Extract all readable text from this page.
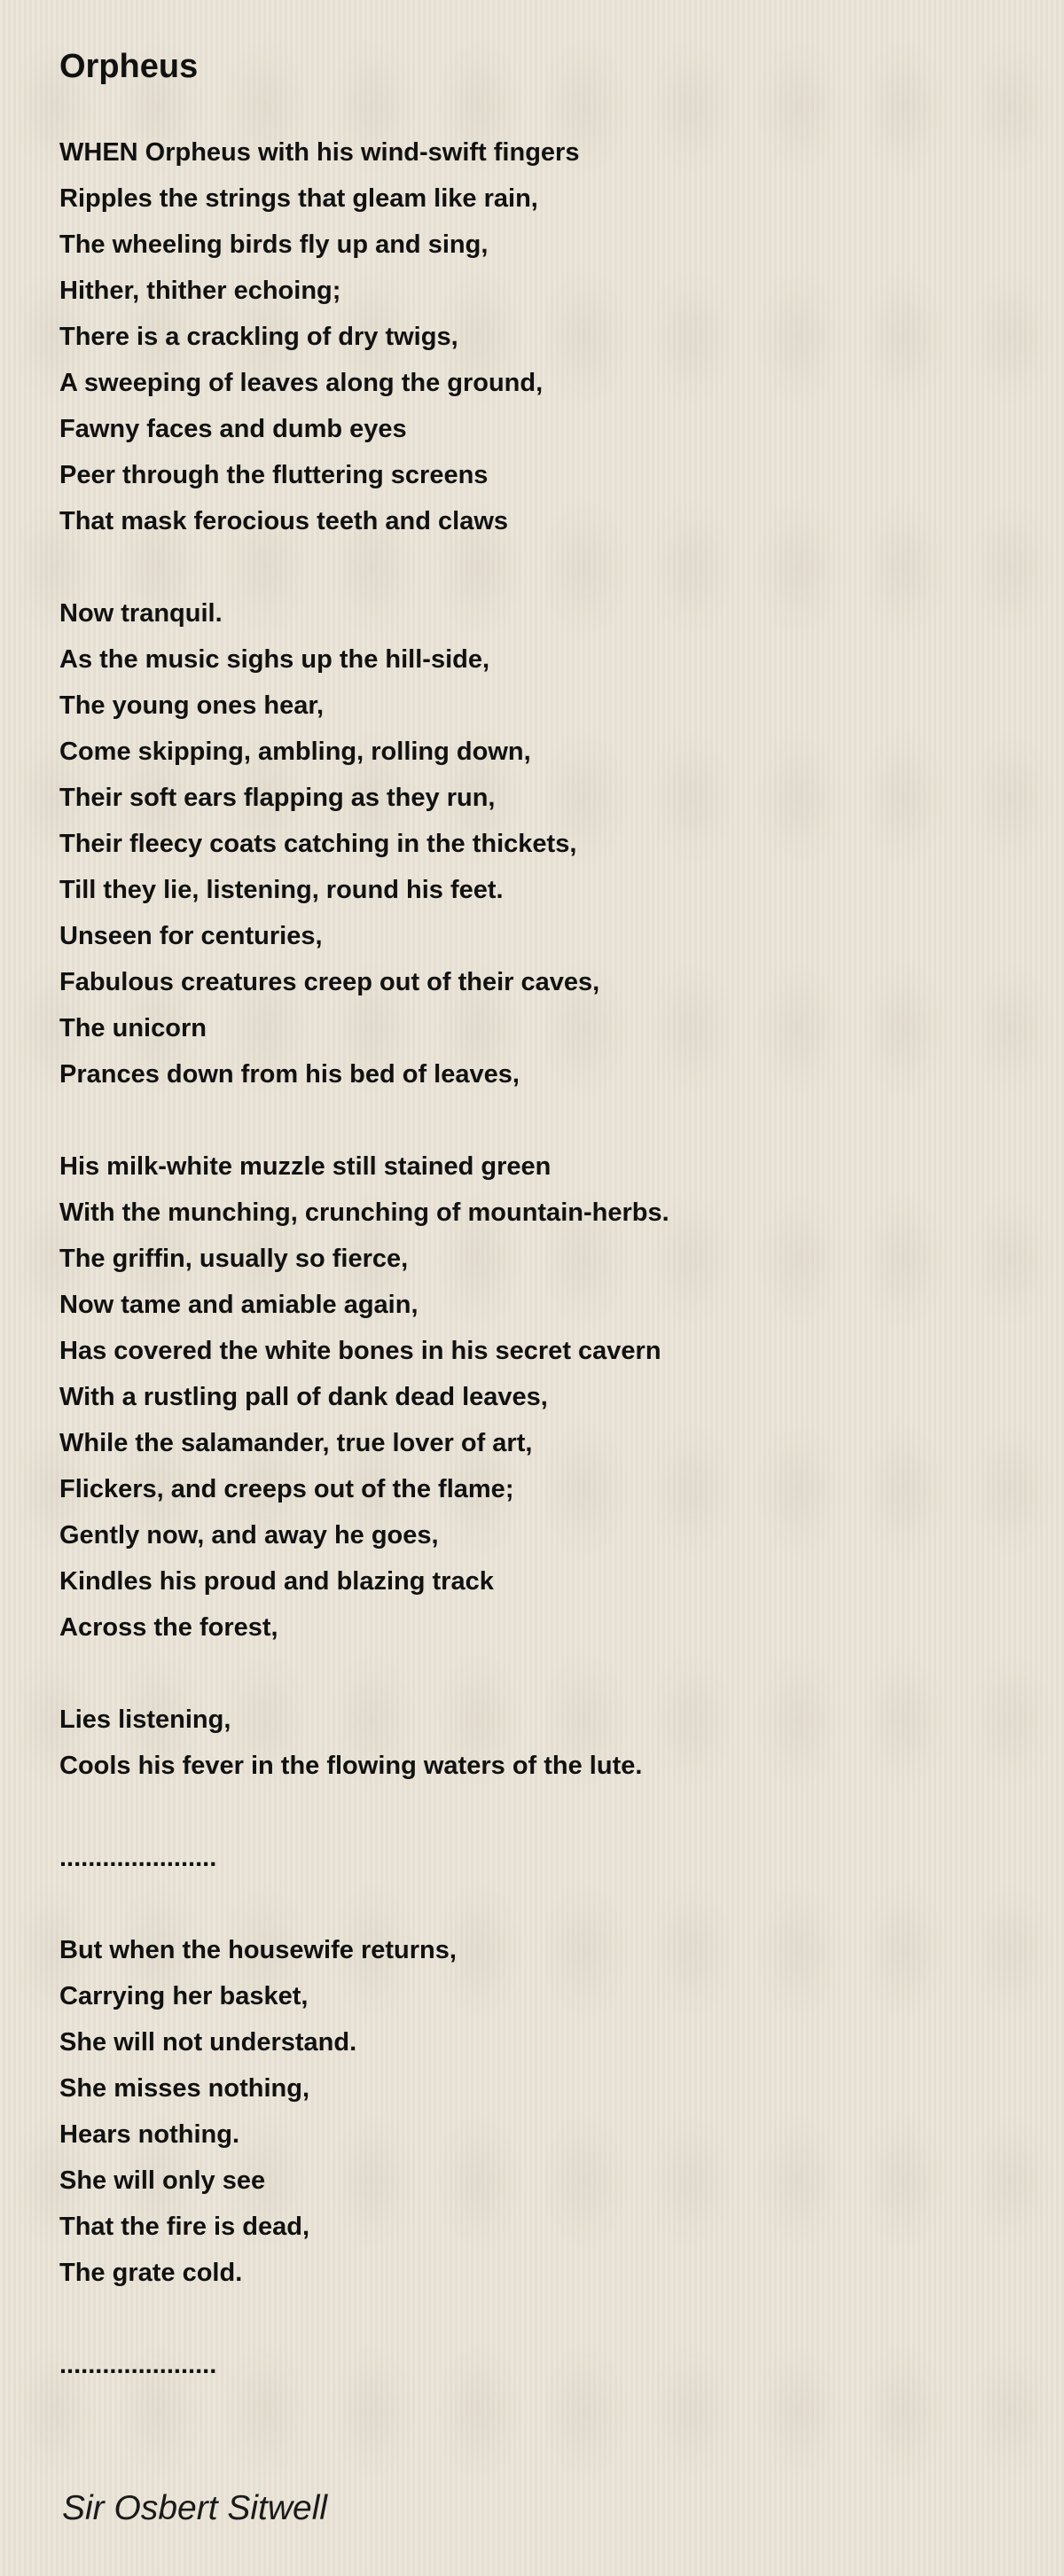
Orpheus
WHEN Orpheus with his wind-swift fingers
Ripples the strings that gleam like rain,
The wheeling birds fly up and sing,
Hither, thither echoing;
There is a crackling of dry twigs,
A sweeping of leaves along the ground,
Fawny faces and dumb eyes
Peer through the fluttering screens
That mask ferocious teeth and claws
Now tranquil.
As the music sighs up the hill-side,
The young ones hear,
Come skipping, ambling, rolling down,
Their soft ears flapping as they run,
Their fleecy coats catching in the thickets,
Till they lie, listening, round his feet.
Unseen for centuries,
Fabulous creatures creep out of their caves,
The unicorn
Prances down from his bed of leaves,
His milk-white muzzle still stained green
With the munching, crunching of mountain-herbs.
The griffin, usually so fierce,
Now tame and amiable again,
Has covered the white bones in his secret cavern
With a rustling pall of dank dead leaves,
While the salamander, true lover of art,
Flickers, and creeps out of the flame;
Gently now, and away he goes,
Kindles his proud and blazing track
Across the forest,
Lies listening,
Cools his fever in the flowing waters of the lute.
......................
But when the housewife returns,
Carrying her basket,
She will not understand.
She misses nothing,
Hears nothing.
She will only see
That the fire is dead,
The grate cold.
......................
Sir Osbert Sitwell
